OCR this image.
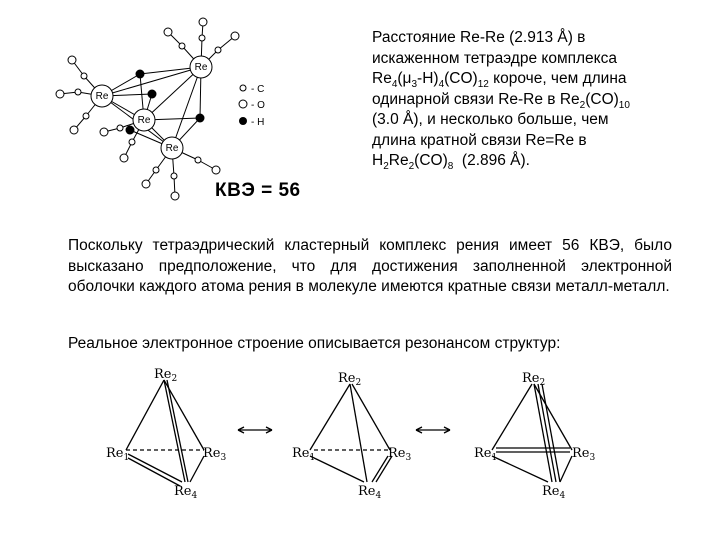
Re
Re
Re
Re
- C
- O
- H
КВЭ = 56
Расстояние Re-Re (2.913 Å) в
искаженном тетраэдре комплекса
$Re_4(\mu_3-H)_4(CO)_{12}$ короче, чем длина
одинарной связи Re-Re в $Re_2(CO)_{10}$
(3.0 Å), и несколько больше, чем
длина кратной связи Re=Re в
$H_2Re_2(CO)_8$  (2.896 Å).
Поскольку тетраэдрический кластерный комплекс рения имеет 56 КВЭ, было высказано предположение, что для достижения заполненной электронной оболочки каждого атома рения в молекуле имеются кратные связи металл-металл.
Реальное электронное строение описывается резонансом структур:
$Re_2$
$Re_1$	$Re_3$
$Re_4$
$Re_2$
$Re_1$	$Re_3$
$Re_4$
$Re_2$
$Re_1$	$Re_3$
$Re_4$
